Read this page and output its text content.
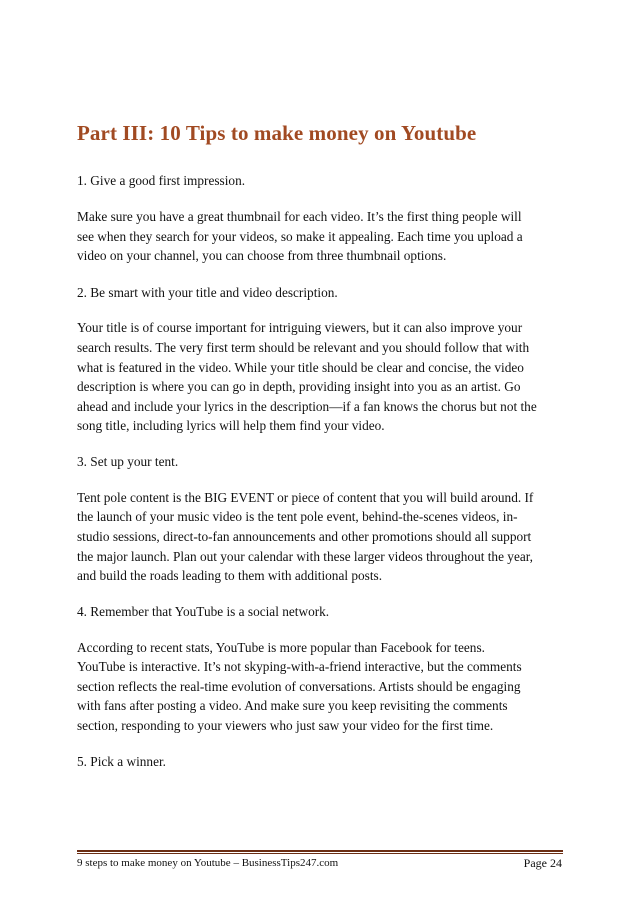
Part III: 10 Tips to make money on Youtube

1. Give a good first impression.

Make sure you have a great thumbnail for each video. It’s the first thing people will

see when they search for your videos, so make it appealing. Each time you upload a

video on your channel, you can choose from three thumbnail options.

2. Be smart with your title and video description.

Your title is of course important for intriguing viewers, but it can also improve your

search results. The very first term should be relevant and you should follow that with

what is featured in the video. While your title should be clear and concise, the video

description is where you can go in depth, providing insight into you as an artist. Go

ahead and include your lyrics in the description—if a fan knows the chorus but not the

song title, including lyrics will help them find your video.

3. Set up your tent.

Tent pole content is the BIG EVENT or piece of content that you will build around. If

the launch of your music video is the tent pole event, behind-the-scenes videos, in-

studio sessions, direct-to-fan announcements and other promotions should all support

the major launch. Plan out your calendar with these larger videos throughout the year,

and build the roads leading to them with additional posts.

4. Remember that YouTube is a social network.

According to recent stats, YouTube is more popular than Facebook for teens.

YouTube is interactive. It’s not skyping-with-a-friend interactive, but the comments

section reflects the real-time evolution of conversations. Artists should be engaging

with fans after posting a video. And make sure you keep revisiting the comments

section, responding to your viewers who just saw your video for the first time.

5. Pick a winner.

9 steps to make money on Youtube – BusinessTips247.com	Page 24
